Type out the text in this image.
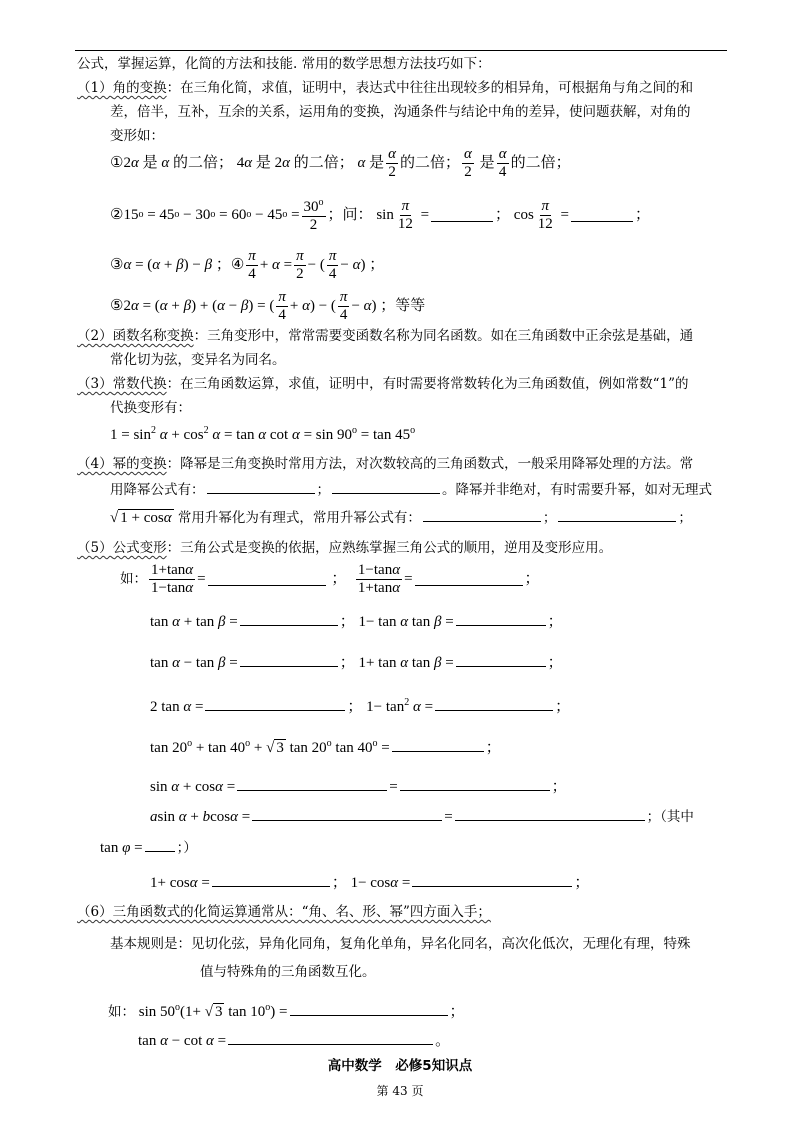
公式，掌握运算，化简的方法和技能. 常用的数学思想方法技巧如下：
（1）角的变换：在三角化简，求值，证明中，表达式中往往出现较多的相异角，可根据角与角之间的和
差，倍半，互补，互余的关系，运用角的变换，沟通条件与结论中角的差异，使问题获解，对角的
变形如：
① 2 α
是
α
的二倍； 4 α
是 2 α
的二倍；
α
是 $\frac{\alpha}{2}$ 的二倍； $\frac{\alpha}{2}$
是 $\frac{\alpha}{4}$ 的二倍；
② 15 o = 45 o − 30 o = 60 o − 45 $o = \frac{30^o}{2}$ ；问： $\sin \frac{\pi}{12}$ =	； $\cos \frac{\pi}{12}$ =	；
③ α = ( α + β ) − β ； ④ $\frac{\pi}{4} + \alpha = \frac{\pi}{2}$ − ( $\frac{\pi}{4} - \alpha$ ) ；
⑤ 2 α = ( α + β ) + ( α − β ) = ( $\frac{\pi}{4} + \alpha$ ) − ( $\frac{\pi}{4} - \alpha$ ) ；等等
（2）函数名称变换：三角变形中，常常需要变函数名称为同名函数。如在三角函数中正余弦是基础，通
常化切为弦，变异名为同名。
（3）常数代换：在三角函数运算，求值，证明中，有时需要将常数转化为三角函数值，例如常数“1”的
代换变形有：
$1 = \sin^2 \alpha + \cos^2 \alpha = \tan \alpha$ $\cot \alpha = \sin 90^o = \tan 45^o$
（4）幂的变换：降幂是三角变换时常用方法，对次数较高的三角函数式，一般采用降幂处理的方法。常
用降幂公式有：	；	。降幂并非绝对，有时需要升幂，如对无理式
√ 1 + cosα 常用升幂化为有理式，常用升幂公式有：	；	；
（5）公式变形：三角公式是变换的依据，应熟练掌握三角公式的顺用，逆用及变形应用。
如： $\frac{1+\tan\alpha}{1-\tan\alpha}$ =	； $\frac{1-\tan\alpha}{1+\tan\alpha}$ =	；
tan α + tan β =	； 1− tan α tan β =	；
tan α − tan β =	； 1+ tan α tan β =	；
2 tan α =	； $1- \tan^2 \alpha$ =	；
$\tan 20^o + \tan 40^o$ + √ 3 tan 20$^o$ $\tan 40^o$ =	；
sin α + cosα =	=	；
asin α + bcosα =	=	；（其中
tan φ =	；）
1+ cosα =	； 1− cosα =	；
（6）三角函数式的化简运算通常从：“角、名、形、幂”四方面入手；
基本规则是：见切化弦，异角化同角，复角化单角，异名化同名，高次化低次，无理化有理，特殊
值与特殊角的三角函数互化。
如： $\sin 50^o(1+$ √ 3 $\tan 10^o$) =	；
tan α − cot α =	。
高中数学　必修5知识点
第 43 页
